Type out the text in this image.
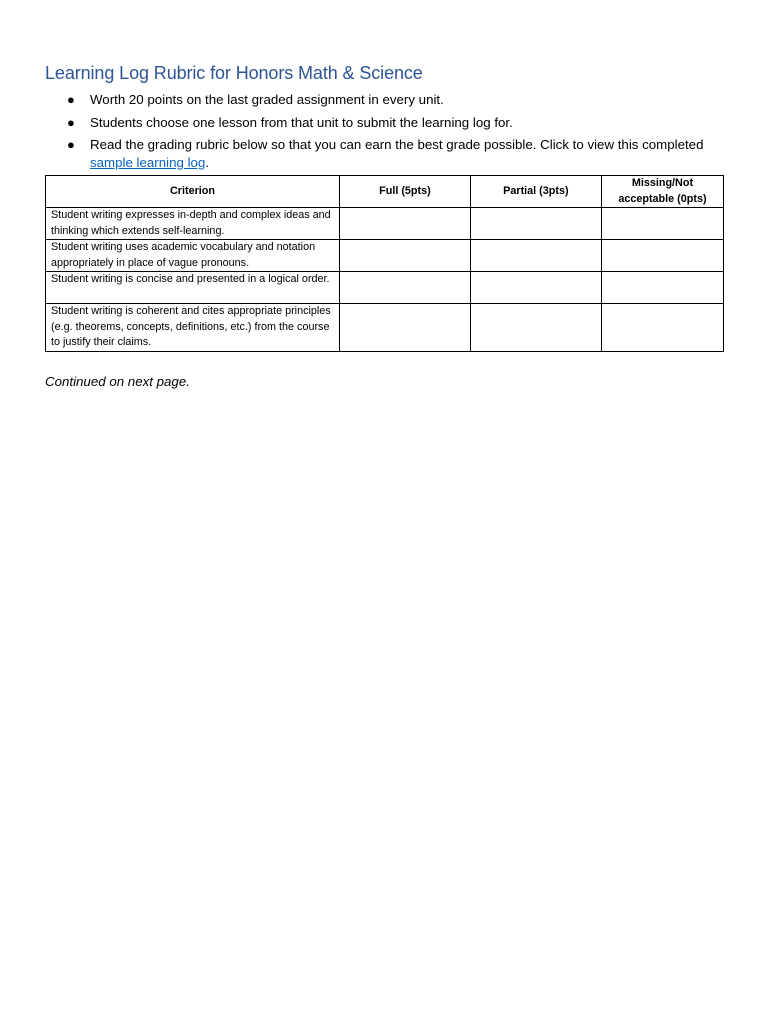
Learning Log Rubric for Honors Math & Science
● Worth 20 points on the last graded assignment in every unit.
● Students choose one lesson from that unit to submit the learning log for.
● Read the grading rubric below so that you can earn the best grade possible. Click to view this completed sample learning log.
Criterion	Full (5pts)	Partial (3pts)	Missing/Not acceptable (0pts)
Student writing expresses in-depth and complex ideas and thinking which extends self-learning.			
Student writing uses academic vocabulary and notation appropriately in place of vague pronouns.			
Student writing is concise and presented in a logical order.			
Student writing is coherent and cites appropriate principles (e.g. theorems, concepts, definitions, etc.) from the course to justify their claims.			
Continued on next page.
